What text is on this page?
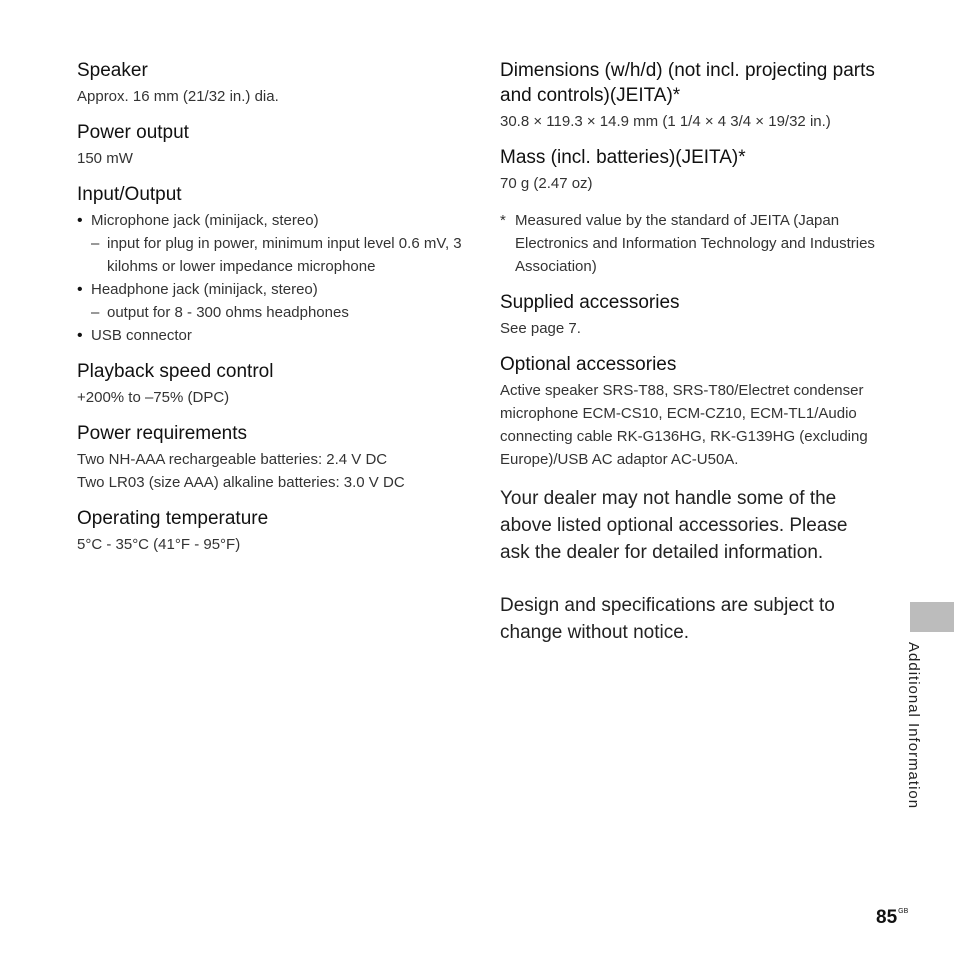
Speaker
Approx. 16 mm (21/32 in.) dia.
Power output
150 mW
Input/Output
• Microphone jack (minijack, stereo)
– input for plug in power, minimum input level 0.6 mV, 3 kilohms or lower impedance microphone
• Headphone jack (minijack, stereo)
– output for 8 - 300 ohms headphones
• USB connector
Playback speed control
+200% to –75% (DPC)
Power requirements
Two NH-AAA rechargeable batteries: 2.4 V DC
Two LR03 (size AAA) alkaline batteries: 3.0 V DC
Operating temperature
5°C - 35°C (41°F - 95°F)
Dimensions (w/h/d) (not incl. projecting parts and controls)(JEITA)*
30.8 × 119.3 × 14.9 mm (1 1/4 × 4 3/4 × 19/32 in.)
Mass (incl. batteries)(JEITA)*
70 g (2.47 oz)
* Measured value by the standard of JEITA (Japan Electronics and Information Technology and Industries Association)
Supplied accessories
See page 7.
Optional accessories
Active speaker SRS-T88, SRS-T80/Electret condenser microphone ECM-CS10, ECM-CZ10, ECM-TL1/Audio connecting cable RK-G136HG, RK-G139HG (excluding Europe)/USB AC adaptor AC-U50A.
Your dealer may not handle some of the above listed optional accessories. Please ask the dealer for detailed information.
Design and specifications are subject to change without notice.
Additional Information
$85^{GB}$
